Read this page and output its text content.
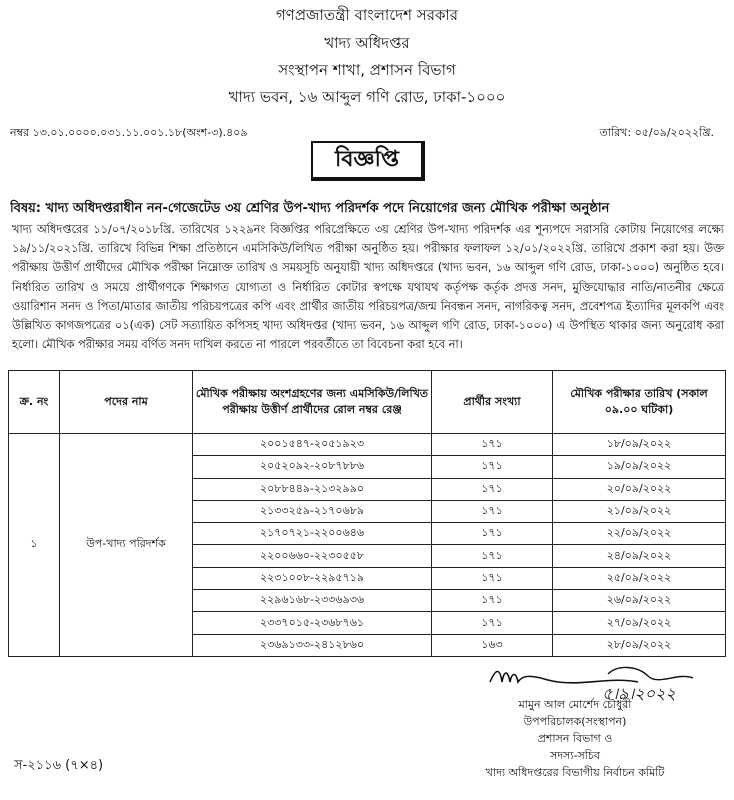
গণপ্রজাতন্ত্রী বাংলাদেশ সরকার
খাদ্য অধিদপ্তর
সংস্থাপন শাখা, প্রশাসন বিভাগ
খাদ্য ভবন, ১৬ আব্দুল গণি রোড, ঢাকা-১০০০
নম্বর ১৩.০১.০০০০.০৩১.১১.০০১.১৮(অংশ-৩).৪০৯	তারিখ: ০৫/০৯/২০২২খ্রি.
বিজ্ঞপ্তি
বিষয়: খাদ্য অধিদপ্তরাধীন নন-গেজেটেড ৩য় শ্রেণির উপ-খাদ্য পরিদর্শক পদে নিয়োগের জন্য মৌখিক পরীক্ষা অনুষ্ঠান
খাদ্য অধিদপ্তরের ১১/০৭/২০১৮খ্রি. তারিখের ১২২৯নং বিজ্ঞপ্তির পরিপ্রেক্ষিতে ৩য় শ্রেণির উপ-খাদ্য পরিদর্শক এর শূন্যপদে সরাসরি কোটায় নিয়োগের লক্ষ্যে ১৯/১১/২০২১খ্রি. তারিখে বিভিন্ন শিক্ষা প্রতিষ্ঠানে এমসিকিউ/লিখিত পরীক্ষা অনুষ্ঠিত হয়। পরীক্ষার ফলাফল ১২/০১/২০২২খ্রি. তারিখে প্রকাশ করা হয়। উক্ত পরীক্ষায় উত্তীর্ণ প্রার্থীদের মৌখিক পরীক্ষা নিম্নোক্ত তারিখ ও সময়সূচি অনুযায়ী খাদ্য অধিদপ্তরে (খাদ্য ভবন, ১৬ আব্দুল গণি রোড, ঢাকা-১০০০) অনুষ্ঠিত হবে। নির্ধারিত তারিখ ও সময়ে প্রার্থীগণকে শিক্ষাগত যোগ্যতা ও নির্ধারিত কোটার স্বপক্ষে যথাযথ কর্তৃপক্ষ কর্তৃক প্রদত্ত সনদ, মুক্তিযোদ্ধার নাতি/নাতনীর ক্ষেত্রে ওয়ারিশান সনদ ও পিতা/মাতার জাতীয় পরিচয়পত্রের কপি এবং প্রার্থীর জাতীয় পরিচয়পত্র/জন্ম নিবন্ধন সনদ, নাগরিকত্ব সনদ, প্রবেশপত্র ইত্যাদির মূলকপি এবং উল্লিখিত কাগজপত্রের ০১(এক) সেট সত্যায়িত কপিসহ খাদ্য অধিদপ্তর (খাদ্য ভবন, ১৬ আব্দুল গণি রোড, ঢাকা-১০০০) এ উপস্থিত থাকার জন্য অনুরোধ করা হলো। মৌখিক পরীক্ষার সময় বর্ণিত সনদ দাখিল করতে না পারলে পরবর্তীতে তা বিবেচনা করা হবে না।
ক্র. নং	পদের নাম	মৌখিক পরীক্ষায় অংশগ্রহণের জন্য এমসিকিউ/লিখিত পরীক্ষায় উত্তীর্ণ প্রার্থীদের রোল নম্বর রেঞ্জ	প্রার্থীর সংখ্যা	মৌখিক পরীক্ষার তারিখ (সকাল ০৯.০০ ঘটিকা)
১	উপ-খাদ্য পরিদর্শক	২০০১৫৪৭-২০৫১৯২৩	১৭১	১৮/০৯/২০২২
		২০৫২০৯২-২০৮৭৮৮৬	১৭১	১৯/০৯/২০২২
		২০৮৮৪৪৯-২১৩২৯৯০	১৭১	২০/০৯/২০২২
		২১৩৩২৫৯-২১৭০৬৮৯	১৭১	২১/০৯/২০২২
		২১৭০৭২১-২২০০৬৪৬	১৭১	২২/০৯/২০২২
		২২০০৬৬০-২২৩০৫৫৮	১৭১	২৪/০৯/২০২২
		২২৩১০০৮-২২৯৫৭১৯	১৭১	২৫/০৯/২০২২
		২২৯৬১৬৮-২৩৩৬৯৩৬	১৭১	২৬/০৯/২০২২
		২৩৩৭০১৫-২৩৬৮৭৬১	১৭১	২৭/০৯/২০২২
		২৩৬৯১৩৩-২৪১২৮৬০	১৬৩	২৮/০৯/২০২২
৫।৯।২০২২
মামুন আল মোর্শেদ চৌধুরী
উপপরিচালক(সংস্থাপন)
প্রশাসন বিভাগ ও
সদস্য-সচিব
খাদ্য অধিদপ্তরের বিভাগীয় নির্বাচন কমিটি
স-২১১৬ (৭×৪)
